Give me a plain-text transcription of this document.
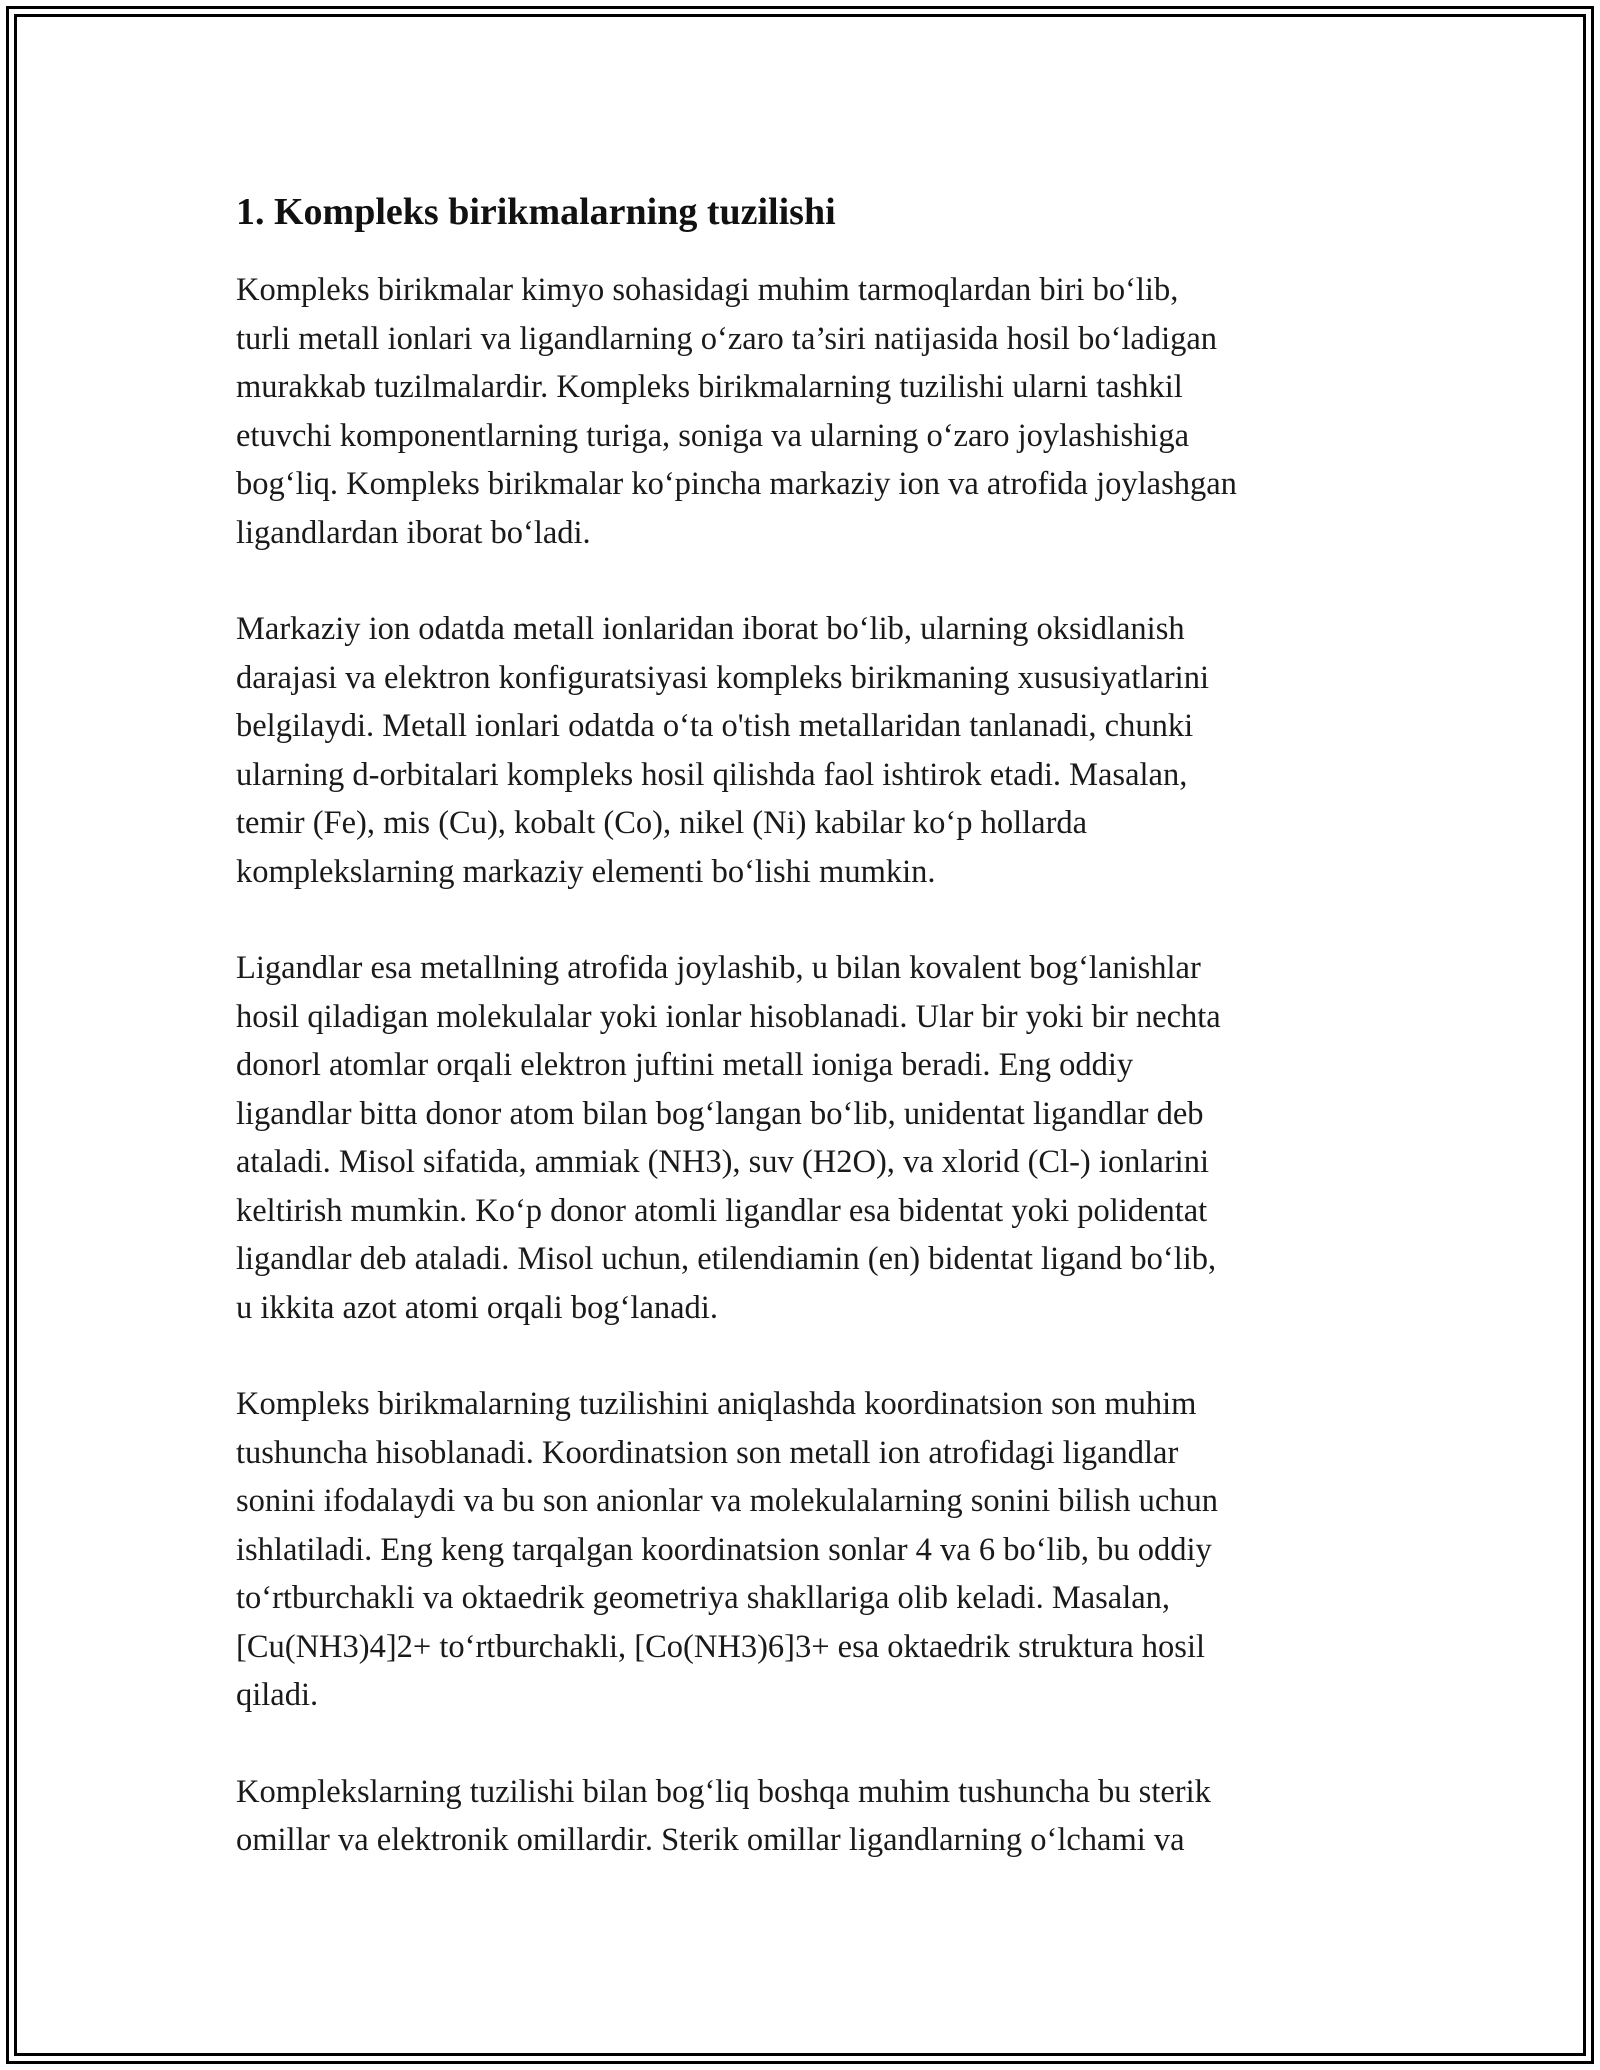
1. Kompleks birikmalarning tuzilishi

Kompleks birikmalar kimyo sohasidagi muhim tarmoqlardan biri bo‘lib,
turli metall ionlari va ligandlarning o‘zaro ta’siri natijasida hosil bo‘ladigan
murakkab tuzilmalardir. Kompleks birikmalarning tuzilishi ularni tashkil
etuvchi komponentlarning turiga, soniga va ularning o‘zaro joylashishiga
bog‘liq. Kompleks birikmalar ko‘pincha markaziy ion va atrofida joylashgan
ligandlardan iborat bo‘ladi.

Markaziy ion odatda metall ionlaridan iborat bo‘lib, ularning oksidlanish
darajasi va elektron konfiguratsiyasi kompleks birikmaning xususiyatlarini
belgilaydi. Metall ionlari odatda o‘ta o'tish metallaridan tanlanadi, chunki
ularning d-orbitalari kompleks hosil qilishda faol ishtirok etadi. Masalan,
temir (Fe), mis (Cu), kobalt (Co), nikel (Ni) kabilar ko‘p hollarda
komplekslarning markaziy elementi bo‘lishi mumkin.

Ligandlar esa metallning atrofida joylashib, u bilan kovalent bog‘lanishlar
hosil qiladigan molekulalar yoki ionlar hisoblanadi. Ular bir yoki bir nechta
donorl atomlar orqali elektron juftini metall ioniga beradi. Eng oddiy
ligandlar bitta donor atom bilan bog‘langan bo‘lib, unidentat ligandlar deb
ataladi. Misol sifatida, ammiak (NH3), suv (H2O), va xlorid (Cl-) ionlarini
keltirish mumkin. Ko‘p donor atomli ligandlar esa bidentat yoki polidentat
ligandlar deb ataladi. Misol uchun, etilendiamin (en) bidentat ligand bo‘lib,
u ikkita azot atomi orqali bog‘lanadi.

Kompleks birikmalarning tuzilishini aniqlashda koordinatsion son muhim
tushuncha hisoblanadi. Koordinatsion son metall ion atrofidagi ligandlar
sonini ifodalaydi va bu son anionlar va molekulalarning sonini bilish uchun
ishlatiladi. Eng keng tarqalgan koordinatsion sonlar 4 va 6 bo‘lib, bu oddiy
to‘rtburchakli va oktaedrik geometriya shakllariga olib keladi. Masalan,
[Cu(NH3)4]2+ to‘rtburchakli, [Co(NH3)6]3+ esa oktaedrik struktura hosil
qiladi.

Komplekslarning tuzilishi bilan bog‘liq boshqa muhim tushuncha bu sterik
omillar va elektronik omillardir. Sterik omillar ligandlarning o‘lchami va
